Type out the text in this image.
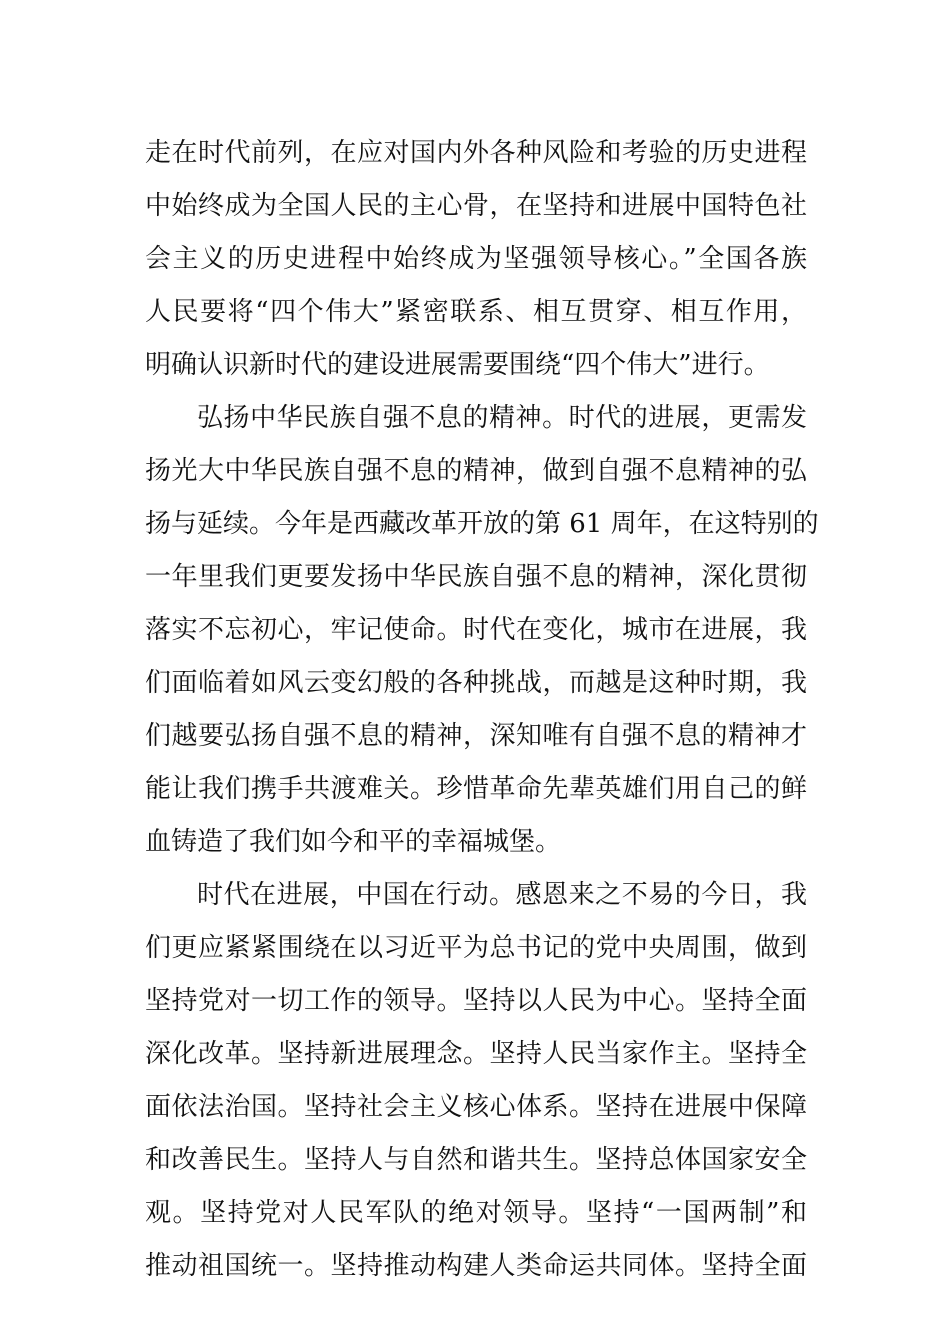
走在时代前列，在应对国内外各种风险和考验的历史进程
中始终成为全国人民的主心骨，在坚持和进展中国特色社
会主义的历史进程中始终成为坚强领导核心。”全国各族
人民要将“四个伟大”紧密联系、相互贯穿、相互作用，
明确认识新时代的建设进展需要围绕“四个伟大”进行。
弘扬中华民族自强不息的精神。时代的进展，更需发
扬光大中华民族自强不息的精神，做到自强不息精神的弘
扬与延续。今年是西藏改革开放的第 61 周年，在这特别的
一年里我们更要发扬中华民族自强不息的精神，深化贯彻
落实不忘初心，牢记使命。时代在变化，城市在进展，我
们面临着如风云变幻般的各种挑战，而越是这种时期，我
们越要弘扬自强不息的精神，深知唯有自强不息的精神才
能让我们携手共渡难关。珍惜革命先辈英雄们用自己的鲜
血铸造了我们如今和平的幸福城堡。
时代在进展，中国在行动。感恩来之不易的今日，我
们更应紧紧围绕在以习近平为总书记的党中央周围，做到
坚持党对一切工作的领导。坚持以人民为中心。坚持全面
深化改革。坚持新进展理念。坚持人民当家作主。坚持全
面依法治国。坚持社会主义核心体系。坚持在进展中保障
和改善民生。坚持人与自然和谐共生。坚持总体国家安全
观。坚持党对人民军队的绝对领导。坚持“一国两制”和
推动祖国统一。坚持推动构建人类命运共同体。坚持全面
